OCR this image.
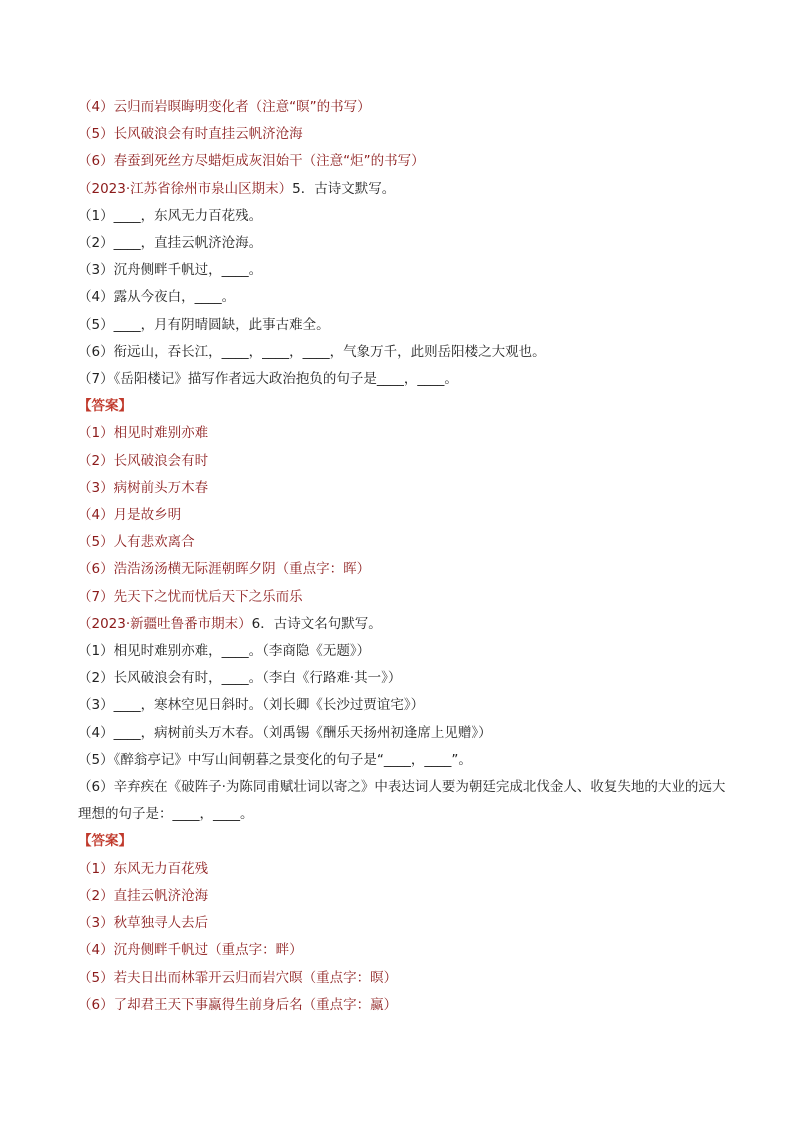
（4）云归而岩暝晦明变化者（注意“暝”的书写）
（5）长风破浪会有时直挂云帆济沧海
（6）春蚕到死丝方尽蜡炬成灰泪始干（注意“炬”的书写）
（2023·江苏省徐州市泉山区期末）5．古诗文默写。
（1）____，东风无力百花残。
（2）____，直挂云帆济沧海。
（3）沉舟侧畔千帆过，____。
（4）露从今夜白，____。
（5）____，月有阴晴圆缺，此事古难全。
（6）衔远山，吞长江，____，____，____，气象万千，此则岳阳楼之大观也。
（7）《岳阳楼记》描写作者远大政治抱负的句子是____，____。
【答案】
（1）相见时难别亦难
（2）长风破浪会有时
（3）病树前头万木春
（4）月是故乡明
（5）人有悲欢离合
（6）浩浩汤汤横无际涯朝晖夕阴（重点字：晖）
（7）先天下之忧而忧后天下之乐而乐
（2023·新疆吐鲁番市期末）6．古诗文名句默写。
（1）相见时难别亦难，____。（李商隐《无题》）
（2）长风破浪会有时，____。（李白《行路难·其一》）
（3）____，寒林空见日斜时。（刘长卿《长沙过贾谊宅》）
（4）____，病树前头万木春。（刘禹锡《酬乐天扬州初逢席上见赠》）
（5）《醉翁亭记》中写山间朝暮之景变化的句子是“____，____”。
（6）辛弃疾在《破阵子·为陈同甫赋壮词以寄之》中表达词人要为朝廷完成北伐金人、收复失地的大业的远大理想的句子是：____，____。
【答案】
（1）东风无力百花残
（2）直挂云帆济沧海
（3）秋草独寻人去后
（4）沉舟侧畔千帆过（重点字：畔）
（5）若夫日出而林霏开云归而岩穴暝（重点字：暝）
（6）了却君王天下事赢得生前身后名（重点字：赢）
